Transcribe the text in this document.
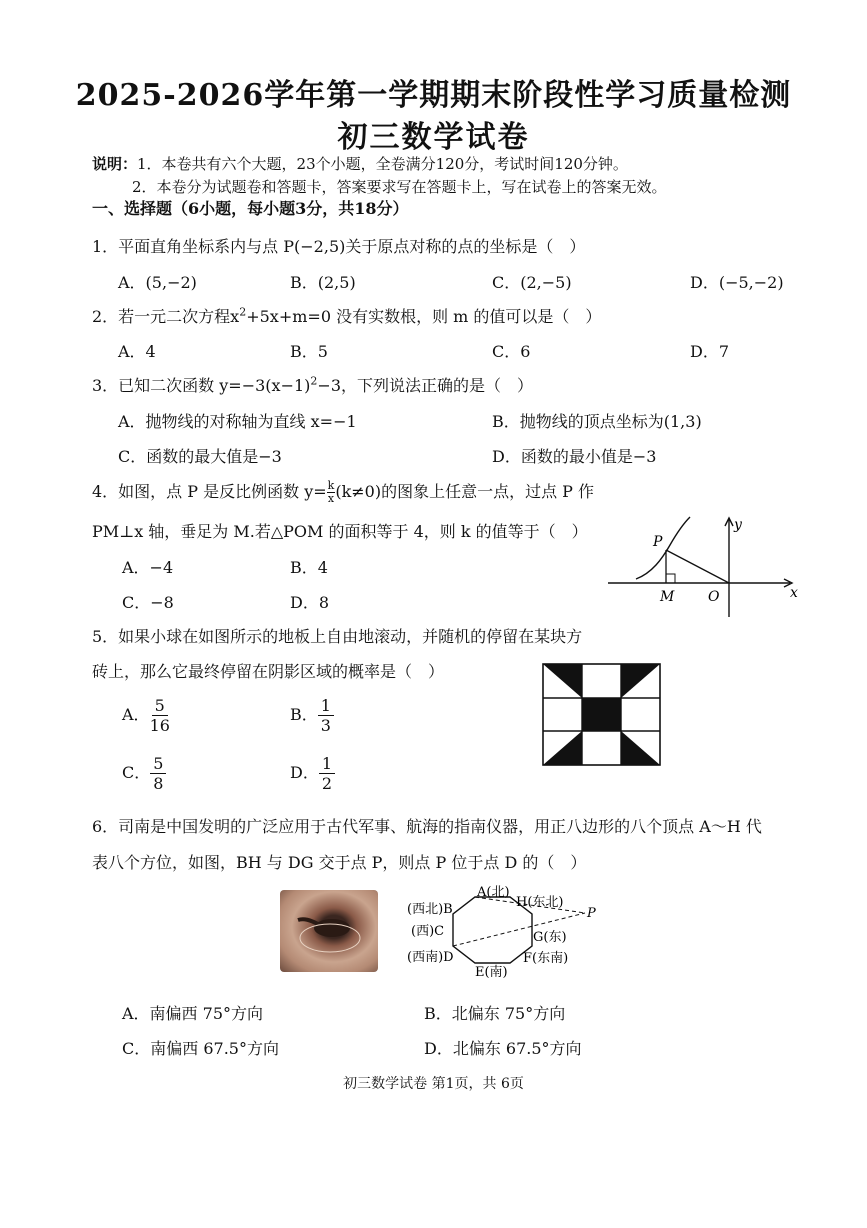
2025-2026学年第一学期期末阶段性学习质量检测
初三数学试卷
说明：1．本卷共有六个大题，23个小题，全卷满分120分，考试时间120分钟。
2．本卷分为试题卷和答题卡，答案要求写在答题卡上，写在试卷上的答案无效。
一、选择题（6小题，每小题3分，共18分）
1．平面直角坐标系内与点 P(−2,5)关于原点对称的点的坐标是（　）
A．(5,−2)	B．(2,5)	C．(2,−5)	D．(−5,−2)
2．若一元二次方程$x^2+5x+m=0$ 没有实数根，则 m 的值可以是（　）
A．4	B．5	C．6	D．7
3．已知二次函数 $y=-3(x-1)^2-3$，下列说法正确的是（　）
A．抛物线的对称轴为直线 x=−1	B．抛物线的顶点坐标为(1,3)
C．函数的最大值是−3	D．函数的最小值是−3
4．如图，点 P 是反比例函数 $y= \frac{k}{x} (k\ne 0)$的图象上任意一点，过点 P 作
PM⊥x 轴，垂足为 M.若△POM 的面积等于 4，则 k 的值等于（　）
A．−4	B．4
C．−8	D．8
P
M O	x
y
5．如果小球在如图所示的地板上自由地滚动，并随机的停留在某块方
砖上，那么它最终停留在阴影区域的概率是（　）
A． $\frac{5}{16}$	B． $\frac{1}{3}$
C． $\frac{5}{8}$	D． $\frac{1}{2}$
6．司南是中国发明的广泛应用于古代军事、航海的指南仪器，用正八边形的八个顶点 A～H 代
表八个方位，如图，BH 与 DG 交于点 P，则点 P 位于点 D 的（　）
A(北)
H(东北)
(西北)B
(西)C	G(东)
(西南)D
E(南)
F(东南)
P
A．南偏西 75°方向	B．北偏东 75°方向
C．南偏西 67.5°方向	D．北偏东 67.5°方向
初三数学试卷 第1页，共 6页
